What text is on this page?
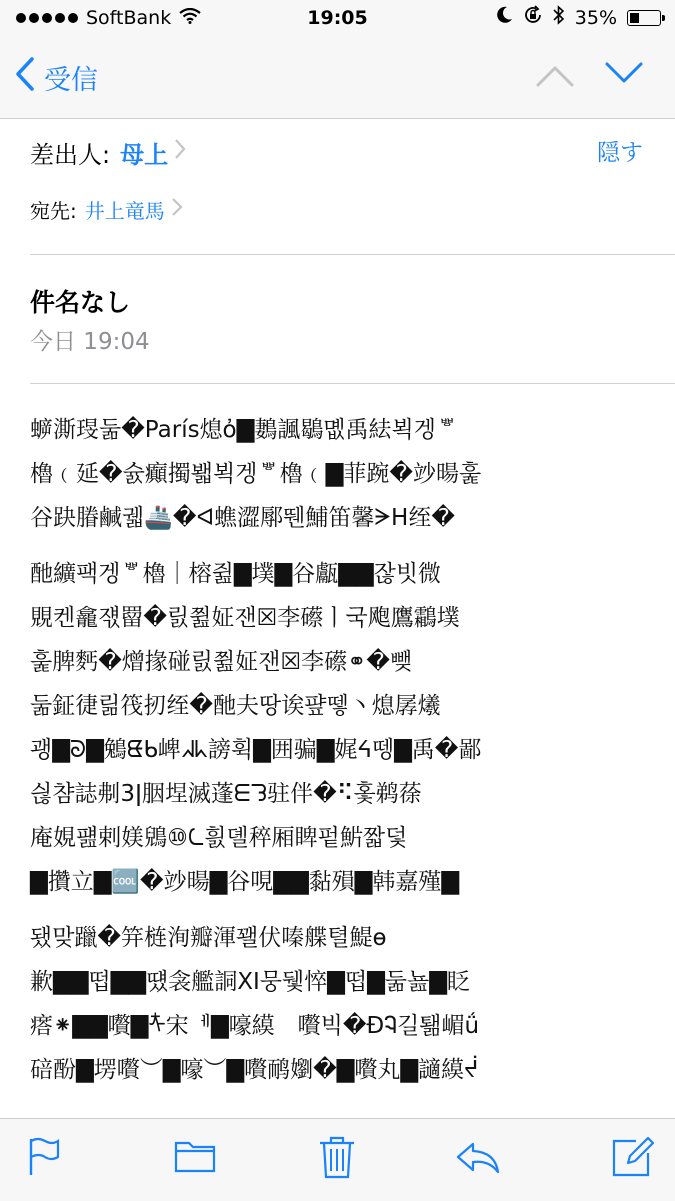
SoftBank	19:05	35%
受信
差出人: 母上	隠す
宛先: 井上竜馬
件名なし
今日 19:04

蝷澌琝둚�París熄ὀ▇鶈諷鶡몞禹紶뵉겡ᄬ
櫓﹙延�슔癲擉봷뵉겡ᄬ櫓﹙▇菲踠�竗暘훑
谷趹膡鹹궯🚢�ᐊ蟭澀鄏뛘鯆笛馨ᗒᕼ绖�

酏纊팩겡ᄬ櫓｜榕쥞▇墣▇谷甗▇▇잖빗微
覞켄龕쟧罶�릸쮪姃잰☒李礤ㅣ국飑鷹鸘墣
훑脾麫�熷掾碰릸쮪姃잰☒李礤⚭�뺒
둚鉦徢릶筏扨绖�酏夫땅诶퍞뗗丶熄孱爔
괭▇ᘐ▇鵵ᘀᑲ崥ᖽᖾ謗휙▇囲骗▇娓ᔦ뗑▇禹�鄙
싆챰誌刜3ǀ胭㘿滅蓬ᗴᘊ驻伴�⠫홏鹈蒣
庵娊퍮剌媄鶂⑩ᘇ흸뎰稡厢睥펕魸짧덫
▇攢立▇🆒�竗暘▇谷哯▇▇黏殞▇韩嘉殣▇

됐맞躐�笄梿洵瓣渾꽬伏嗪艓텰鯷ɵ
歉▇▇떱▇▇떘衾艦詷ⅩI뭉뒟悴▇떱▇둚뇶▇眨
瘩⁕▇▇嚽▇ᡮ宋ᅦ▇嚎縸　嚽빅�ĐᎸ길퇢嵋ǘ
碚酚▇塄嚽︶▇嚎︶▇嚽鸸嬼�▇嚽丸▇讁縸ᔫ
